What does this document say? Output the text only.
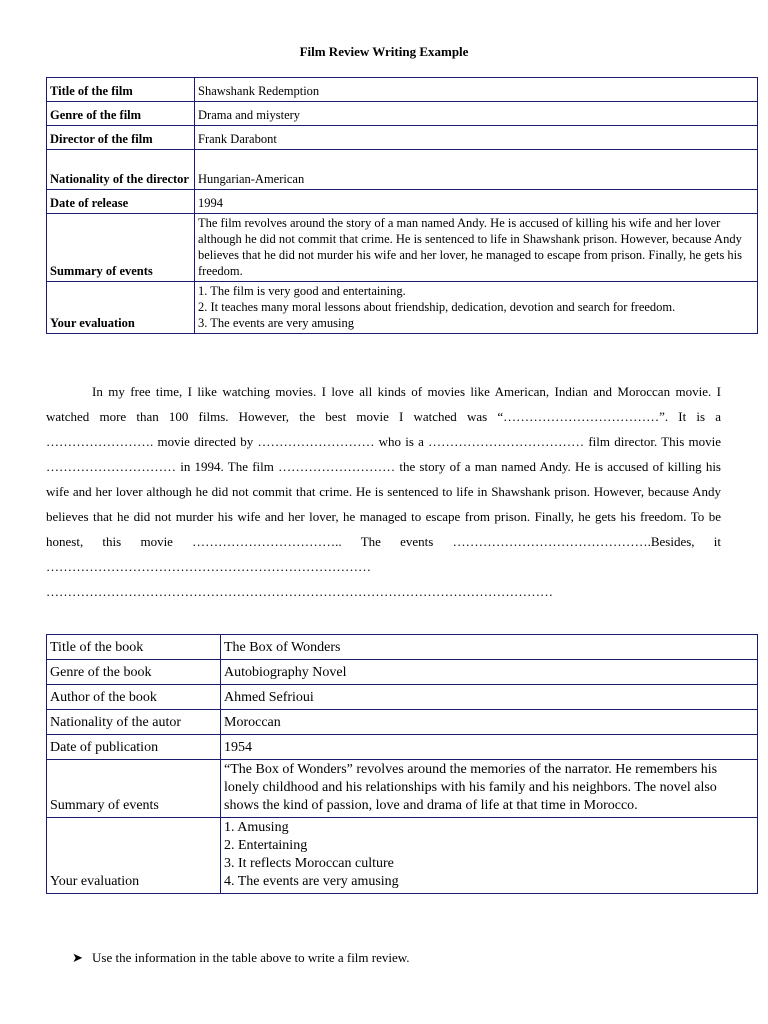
Film Review Writing Example
Title of the film	Shawshank Redemption
Genre of the film	Drama and miystery
Director of the film	Frank Darabont
Nationality of the director	Hungarian-American
Date of release	1994
Summary of events	The film revolves around the story of a man named Andy. He is accused of killing his wife and her lover although he did not commit that crime. He is sentenced to life in Shawshank prison. However, because Andy believes that he did not murder his wife and her lover, he managed to escape from prison. Finally, he gets his freedom.
Your evaluation	1. The film is very good and entertaining.
2. It teaches many moral lessons about friendship, dedication, devotion and search for freedom.
3. The events are very amusing
In my free time, I like watching movies. I love all kinds of movies like American, Indian and Moroccan movie. I watched more than 100 films. However, the best movie I watched was “………………………………”. It is a ……………………. movie directed by ……………………… who is a ……………………………… film director. This movie ………………………… in 1994. The film ……………………… the story of a man named Andy. He is accused of killing his wife and her lover although he did not commit that crime. He is sentenced to life in Shawshank prison. However, because Andy believes that he did not murder his wife and her lover, he managed to escape from prison. Finally, he gets his freedom. To be honest, this movie …………………………….. The events ……………………………………….Besides, it ………………………………………………………………… ………………………………………………………………………………………………………
Title of the book	The Box of Wonders
Genre of the book	Autobiography Novel
Author of the book	Ahmed Sefrioui
Nationality of the autor	Moroccan
Date of publication	1954
Summary of events	“The Box of Wonders” revolves around the memories of the narrator. He remembers his lonely childhood and his relationships with his family and his neighbors. The novel also shows the kind of passion, love and drama of life at that time in Morocco.
Your evaluation	1. Amusing
2. Entertaining
3. It reflects Moroccan culture
4. The events are very amusing
➤ Use the information in the table above to write a film review.
